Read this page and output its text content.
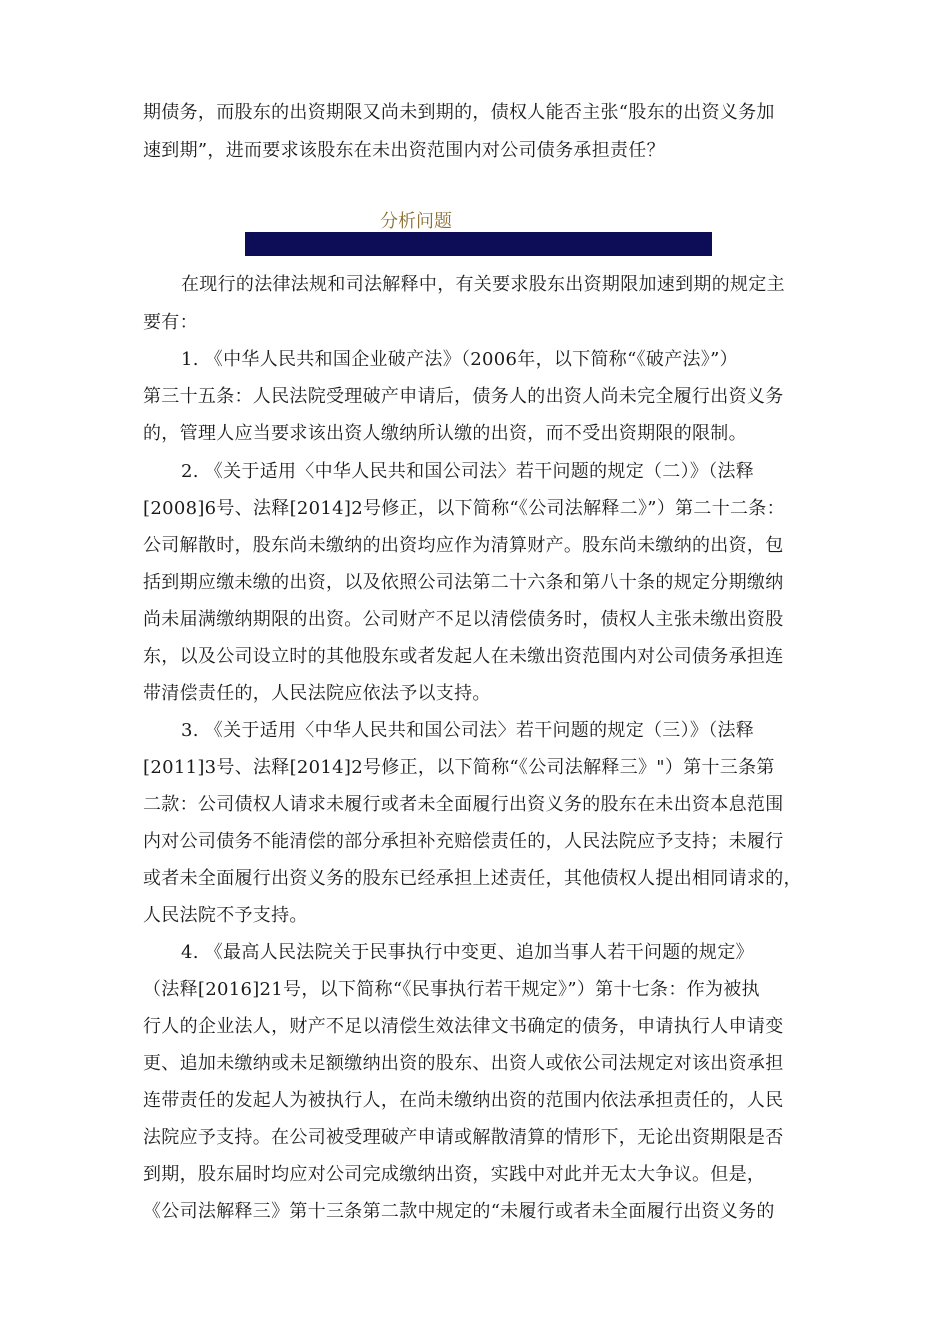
期债务，而股东的出资期限又尚未到期的，债权人能否主张“股东的出资义务加
速到期”，进而要求该股东在未出资范围内对公司债务承担责任？
分析问题
在现行的法律法规和司法解释中，有关要求股东出资期限加速到期的规定主
要有：
1. 《中华人民共和国企业破产法》（2006年，以下简称“《破产法》”）
第三十五条：人民法院受理破产申请后，债务人的出资人尚未完全履行出资义务
的，管理人应当要求该出资人缴纳所认缴的出资，而不受出资期限的限制。
2. 《关于适用〈中华人民共和国公司法〉若干问题的规定（二）》（法释
[2008]6号、法释[2014]2号修正，以下简称“《公司法解释二》”）第二十二条：
公司解散时，股东尚未缴纳的出资均应作为清算财产。股东尚未缴纳的出资，包
括到期应缴未缴的出资，以及依照公司法第二十六条和第八十条的规定分期缴纳
尚未届满缴纳期限的出资。公司财产不足以清偿债务时，债权人主张未缴出资股
东，以及公司设立时的其他股东或者发起人在未缴出资范围内对公司债务承担连
带清偿责任的，人民法院应依法予以支持。
3. 《关于适用〈中华人民共和国公司法〉若干问题的规定（三）》（法释
[2011]3号、法释[2014]2号修正，以下简称“《公司法解释三》"）第十三条第
二款：公司债权人请求未履行或者未全面履行出资义务的股东在未出资本息范围
内对公司债务不能清偿的部分承担补充赔偿责任的，人民法院应予支持；未履行
或者未全面履行出资义务的股东已经承担上述责任，其他债权人提出相同请求的，
人民法院不予支持。
4. 《最高人民法院关于民事执行中变更、追加当事人若干问题的规定》
（法释[2016]21号，以下简称“《民事执行若干规定》”）第十七条：作为被执
行人的企业法人，财产不足以清偿生效法律文书确定的债务，申请执行人申请变
更、追加未缴纳或未足额缴纳出资的股东、出资人或依公司法规定对该出资承担
连带责任的发起人为被执行人，在尚未缴纳出资的范围内依法承担责任的，人民
法院应予支持。在公司被受理破产申请或解散清算的情形下，无论出资期限是否
到期，股东届时均应对公司完成缴纳出资，实践中对此并无太大争议。但是，
《公司法解释三》第十三条第二款中规定的“未履行或者未全面履行出资义务的
